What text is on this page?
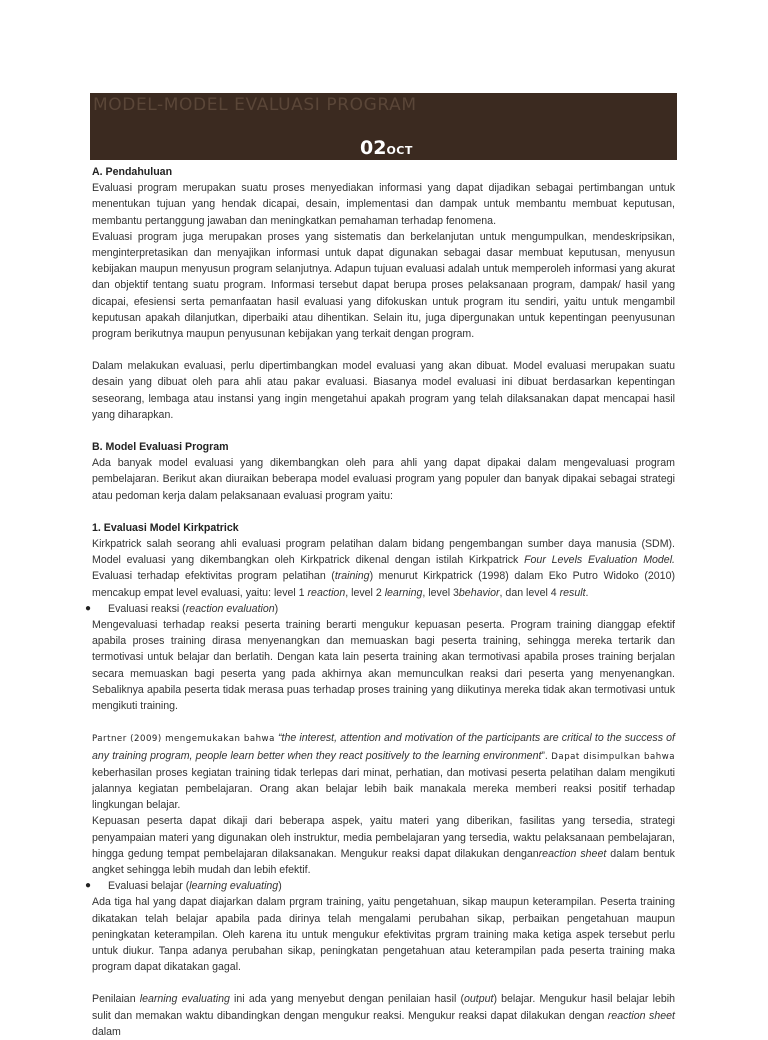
MODEL-MODEL EVALUASI PROGRAM
02OCT
A. Pendahuluan

Evaluasi program merupakan suatu proses menyediakan informasi yang dapat dijadikan sebagai pertimbangan untuk menentukan tujuan yang hendak dicapai, desain, implementasi dan dampak untuk membantu membuat keputusan, membantu pertanggung jawaban dan meningkatkan pemahaman terhadap fenomena.

Evaluasi program juga merupakan proses yang sistematis dan berkelanjutan untuk mengumpulkan, mendeskripsikan, menginterpretasikan dan menyajikan informasi untuk dapat digunakan sebagai dasar membuat keputusan, menyusun kebijakan maupun menyusun program selanjutnya. Adapun tujuan evaluasi adalah untuk memperoleh informasi yang akurat dan objektif tentang suatu program. Informasi tersebut dapat berupa proses pelaksanaan program, dampak/ hasil yang dicapai, efesiensi serta pemanfaatan hasil evaluasi yang difokuskan untuk program itu sendiri, yaitu untuk mengambil keputusan apakah dilanjutkan, diperbaiki atau dihentikan. Selain itu, juga dipergunakan untuk kepentingan peenyusunan program berikutnya maupun penyusunan kebijakan yang terkait dengan program.

Dalam melakukan evaluasi, perlu dipertimbangkan model evaluasi yang akan dibuat. Model evaluasi merupakan suatu desain yang dibuat oleh para ahli atau pakar evaluasi. Biasanya model evaluasi ini dibuat berdasarkan kepentingan seseorang, lembaga atau instansi yang ingin mengetahui apakah program yang telah dilaksanakan dapat mencapai hasil yang diharapkan.

B. Model Evaluasi Program

Ada banyak model evaluasi yang dikembangkan oleh para ahli yang dapat dipakai dalam mengevaluasi program pembelajaran. Berikut akan diuraikan beberapa model evaluasi program yang populer dan banyak dipakai sebagai strategi atau pedoman kerja dalam pelaksanaan evaluasi program yaitu:

1. Evaluasi Model Kirkpatrick

Kirkpatrick salah seorang ahli evaluasi program pelatihan dalam bidang pengembangan sumber daya manusia (SDM). Model evaluasi yang dikembangkan oleh Kirkpatrick dikenal dengan istilah Kirkpatrick Four Levels Evaluation Model. Evaluasi terhadap efektivitas program pelatihan (training) menurut Kirkpatrick (1998) dalam Eko Putro Widoko (2010) mencakup empat level evaluasi, yaitu: level 1 reaction, level 2 learning, level 3behavior, dan level 4 result.

● Evaluasi reaksi (reaction evaluation)

Mengevaluasi terhadap reaksi peserta training berarti mengukur kepuasan peserta. Program training dianggap efektif apabila proses training dirasa menyenangkan dan memuaskan bagi peserta training, sehingga mereka tertarik dan termotivasi untuk belajar dan berlatih. Dengan kata lain peserta training akan termotivasi apabila proses training berjalan secara memuaskan bagi peserta yang pada akhirnya akan memunculkan reaksi dari peserta yang menyenangkan. Sebaliknya apabila peserta tidak merasa puas terhadap proses training yang diikutinya mereka tidak akan termotivasi untuk mengikuti training.

Partner (2009) mengemukakan bahwa “the interest, attention and motivation of the participants are critical to the success of any training program, people learn better when they react positively to the learning environment”. Dapat disimpulkan bahwa keberhasilan proses kegiatan training tidak terlepas dari minat, perhatian, dan motivasi peserta pelatihan dalam mengikuti jalannya kegiatan pembelajaran. Orang akan belajar lebih baik manakala mereka memberi reaksi positif terhadap lingkungan belajar.

Kepuasan peserta dapat dikaji dari beberapa aspek, yaitu materi yang diberikan, fasilitas yang tersedia, strategi penyampaian materi yang digunakan oleh instruktur, media pembelajaran yang tersedia, waktu pelaksanaan pembelajaran, hingga gedung tempat pembelajaran dilaksanakan. Mengukur reaksi dapat dilakukan denganreaction sheet dalam bentuk angket sehingga lebih mudah dan lebih efektif.

● Evaluasi belajar (learning evaluating)

Ada tiga hal yang dapat diajarkan dalam prgram training, yaitu pengetahuan, sikap maupun keterampilan. Peserta training dikatakan telah belajar apabila pada dirinya telah mengalami perubahan sikap, perbaikan pengetahuan maupun peningkatan keterampilan. Oleh karena itu untuk mengukur efektivitas prgram training maka ketiga aspek tersebut perlu untuk diukur. Tanpa adanya perubahan sikap, peningkatan pengetahuan atau keterampilan pada peserta training maka program dapat dikatakan gagal.

Penilaian learning evaluating ini ada yang menyebut dengan penilaian hasil (output) belajar. Mengukur hasil belajar lebih sulit dan memakan waktu dibandingkan dengan mengukur reaksi. Mengukur reaksi dapat dilakukan dengan reaction sheet dalam
